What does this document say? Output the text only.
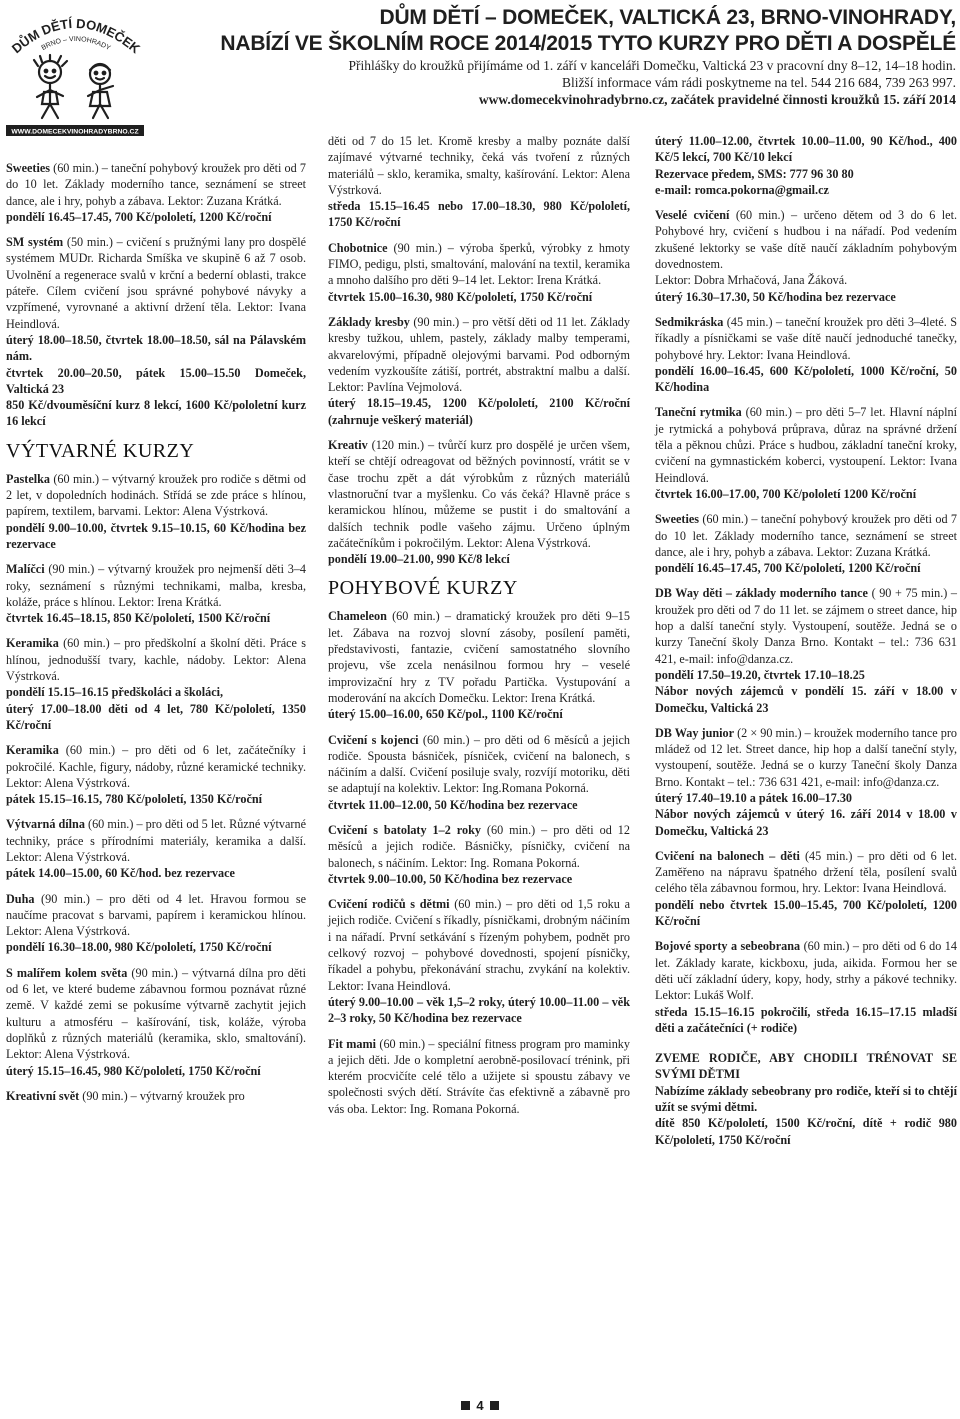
DŮM DĚTÍ DOMEČEK
BRNO – VINOHRADY
WWW.DOMECEKVINOHRADYBRNO.CZ
DŮM DĚTÍ – DOMEČEK, VALTICKÁ 23, BRNO-VINOHRADY,
NABÍZÍ VE ŠKOLNÍM ROCE 2014/2015 TYTO KURZY PRO DĚTI A DOSPĚLÉ
Přihlášky do kroužků přijímáme od 1. září v kanceláři Domečku, Valtická 23 v pracovní dny 8–12, 14–18 hodin.
Bližší informace vám rádi poskytneme na tel. 544 216 684, 739 263 997.
www.domecekvinohradybrno.cz, začátek pravidelné činnosti kroužků 15. září 2014

Sweeties (60 min.) – taneční pohybový kroužek pro děti od 7 do 10 let. Základy moderního tance, seznámení se street dance, ale i hry, pohyb a zábava. Lektor: Zuzana Krátká.
pondělí 16.45–17.45, 700 Kč/pololetí, 1200 Kč/roční

SM systém (50 min.) – cvičení s pružnými lany pro dospělé systémem MUDr. Richarda Smíška ve skupině 6 až 7 osob. Uvolnění a regenerace svalů v krční a bederní oblasti, trakce páteře. Cílem cvičení jsou správné pohybové návyky a vzpřímené, vyrovnané a aktivní držení těla. Lektor: Ivana Heindlová.
úterý 18.00–18.50, čtvrtek 18.00–18.50, sál na Pálavském nám.
čtvrtek 20.00–20.50, pátek 15.00–15.50 Domeček, Valtická 23
850 Kč/dvouměsíční kurz 8 lekcí, 1600 Kč/pololetní kurz 16 lekcí

VÝTVARNÉ KURZY

Pastelka (60 min.) – výtvarný kroužek pro rodiče s dětmi od 2 let, v dopoledních hodinách. Střídá se zde práce s hlínou, papírem, textilem, barvami. Lektor: Alena Výstrková.
pondělí 9.00–10.00, čtvrtek 9.15–10.15, 60 Kč/hodina bez rezervace

Malíčci (90 min.) – výtvarný kroužek pro nejmenší děti 3–4 roky, seznámení s různými technikami, malba, kresba, koláže, práce s hlínou. Lektor: Irena Krátká.
čtvrtek 16.45–18.15, 850 Kč/pololetí, 1500 Kč/roční

Keramika (60 min.) – pro předškolní a školní děti. Práce s hlínou, jednodušší tvary, kachle, nádoby. Lektor: Alena Výstrková.
pondělí 15.15–16.15 předškoláci a školáci,
úterý 17.00–18.00 děti od 4 let, 780 Kč/pololetí, 1350 Kč/roční

Keramika (60 min.) – pro děti od 6 let, začátečníky i pokročilé. Kachle, figury, nádoby, různé keramické techniky. Lektor: Alena Výstrková.
pátek 15.15–16.15, 780 Kč/pololetí, 1350 Kč/roční

Výtvarná dílna (60 min.) – pro děti od 5 let. Různé výtvarné techniky, práce s přírodními materiály, keramika a další. Lektor: Alena Výstrková.
pátek 14.00–15.00, 60 Kč/hod. bez rezervace

Duha (90 min.) – pro děti od 4 let. Hravou formou se naučíme pracovat s barvami, papírem i keramickou hlínou. Lektor: Alena Výstrková.
pondělí 16.30–18.00, 980 Kč/pololetí, 1750 Kč/roční

S malířem kolem světa (90 min.) – výtvarná dílna pro děti od 6 let, ve které budeme zábavnou formou poznávat různé země. V každé zemi se pokusíme výtvarně zachytit jejich kulturu a atmosféru – kašírování, tisk, koláže, výroba doplňků z různých materiálů (keramika, sklo, smaltování). Lektor: Alena Výstrková.
úterý 15.15–16.45, 980 Kč/pololetí, 1750 Kč/roční

Kreativní svět (90 min.) – výtvarný kroužek pro

děti od 7 do 15 let. Kromě kresby a malby poznáte další zajímavé výtvarné techniky, čeká vás tvoření z různých materiálů – sklo, keramika, smalty, kašírování. Lektor: Alena Výstrková.
středa 15.15–16.45 nebo 17.00–18.30, 980 Kč/pololetí, 1750 Kč/roční

Chobotnice (90 min.) – výroba šperků, výrobky z hmoty FIMO, pedigu, plsti, smaltování, malování na textil, keramika a mnoho dalšího pro děti 9–14 let. Lektor: Irena Krátká.
čtvrtek 15.00–16.30, 980 Kč/pololetí, 1750 Kč/roční

Základy kresby (90 min.) – pro větší děti od 11 let. Základy kresby tužkou, uhlem, pastely, základy malby temperami, akvarelovými, případně olejovými barvami. Pod odborným vedením vyzkoušíte zátiší, portrét, abstraktní malbu a další. Lektor: Pavlína Vejmolová.
úterý 18.15–19.45, 1200 Kč/pololetí, 2100 Kč/roční (zahrnuje veškerý materiál)

Kreativ (120 min.) – tvůrčí kurz pro dospělé je určen všem, kteří se chtějí odreagovat od běžných povinností, vrátit se v čase trochu zpět a dát výrobkům z různých materiálů vlastnoruční tvar a myšlenku. Co vás čeká? Hlavně práce s keramickou hlínou, můžeme se pustit i do smaltování a dalších technik podle vašeho zájmu. Určeno úplným začátečníkům i pokročilým. Lektor: Alena Výstrková.
pondělí 19.00–21.00, 990 Kč/8 lekcí

POHYBOVÉ KURZY

Chameleon (60 min.) – dramatický kroužek pro děti 9–15 let. Zábava na rozvoj slovní zásoby, posílení paměti, představivosti, fantazie, cvičení samostatného slovního projevu, vše zcela nenásilnou formou hry – veselé improvizační hry z TV pořadu Partička. Vystupování a moderování na akcích Domečku. Lektor: Irena Krátká.
úterý 15.00–16.00, 650 Kč/pol., 1100 Kč/roční

Cvičení s kojenci (60 min.) – pro děti od 6 měsíců a jejich rodiče. Spousta básniček, písniček, cvičení na balonech, s náčiním a další. Cvičení posiluje svaly, rozvíjí motoriku, děti se adaptují na kolektiv. Lektor: Ing.Romana Pokorná.
čtvrtek 11.00–12.00, 50 Kč/hodina bez rezervace

Cvičení s batolaty 1–2 roky (60 min.) – pro děti od 12 měsíců a jejich rodiče. Básničky, písničky, cvičení na balonech, s náčiním. Lektor: Ing. Romana Pokorná.
čtvrtek 9.00–10.00, 50 Kč/hodina bez rezervace

Cvičení rodičů s dětmi (60 min.) – pro děti od 1,5 roku a jejich rodiče. Cvičení s říkadly, písničkami, drobným náčiním i na nářadí. První setkávání s řízeným pohybem, podnět pro celkový rozvoj – pohybové dovednosti, spojení písničky, říkadel a pohybu, překonávání strachu, zvykání na kolektiv. Lektor: Ivana Heindlová.
úterý 9.00–10.00 – věk 1,5–2 roky, úterý 10.00–11.00 – věk 2–3 roky, 50 Kč/hodina bez rezervace

Fit mami (60 min.) – speciální fitness program pro maminky a jejich děti. Jde o kompletní aerobně-posilovací trénink, při kterém procvičíte celé tělo a užijete si spoustu zábavy ve společnosti svých dětí. Strávíte čas efektivně a zábavně pro vás oba. Lektor: Ing. Romana Pokorná.

úterý 11.00–12.00, čtvrtek 10.00–11.00, 90 Kč/hod., 400 Kč/5 lekcí, 700 Kč/10 lekcí
Rezervace předem, SMS: 777 96 30 80
e-mail: romca.pokorna@gmail.cz

Veselé cvičení (60 min.) – určeno dětem od 3 do 6 let. Pohybové hry, cvičení s hudbou i na nářadí. Pod vedením zkušené lektorky se vaše dítě naučí základním pohybovým dovednostem.
Lektor: Dobra Mrhačová, Jana Žáková.
úterý 16.30–17.30, 50 Kč/hodina bez rezervace

Sedmikráska (45 min.) – taneční kroužek pro děti 3–4leté. S říkadly a písničkami se vaše dítě naučí jednoduché tanečky, pohybové hry. Lektor: Ivana Heindlová.
pondělí 16.00–16.45, 600 Kč/pololetí, 1000 Kč/roční, 50 Kč/hodina

Taneční rytmika (60 min.) – pro děti 5–7 let. Hlavní náplní je rytmická a pohybová průprava, důraz na správné držení těla a pěknou chůzi. Práce s hudbou, základní taneční kroky, cvičení na gymnastickém koberci, vystoupení. Lektor: Ivana Heindlová.
čtvrtek 16.00–17.00, 700 Kč/pololetí 1200 Kč/roční

Sweeties (60 min.) – taneční pohybový kroužek pro děti od 7 do 10 let. Základy moderního tance, seznámení se street dance, ale i hry, pohyb a zábava. Lektor: Zuzana Krátká.
pondělí 16.45–17.45, 700 Kč/pololetí, 1200 Kč/roční

DB Way děti – základy moderního tance ( 90 + 75 min.) – kroužek pro děti od 7 do 11 let. se zájmem o street dance, hip hop a další taneční styly. Vystoupení, soutěže. Jedná se o kurzy Taneční školy Danza Brno. Kontakt – tel.: 736 631 421, e-mail: info@danza.cz.
pondělí 17.50–19.20, čtvrtek 17.10–18.25
Nábor nových zájemců v pondělí 15. září v 18.00 v Domečku, Valtická 23

DB Way junior (2 × 90 min.) – kroužek moderního tance pro mládež od 12 let. Street dance, hip hop a další taneční styly, vystoupení, soutěže. Jedná se o kurzy Taneční školy Danza Brno. Kontakt – tel.: 736 631 421, e-mail: info@danza.cz.
úterý 17.40–19.10 a pátek 16.00–17.30
Nábor nových zájemců v úterý 16. září 2014 v 18.00 v Domečku, Valtická 23

Cvičení na balonech – děti (45 min.) – pro děti od 6 let. Zaměřeno na nápravu špatného držení těla, posílení svalů celého těla zábavnou formou, hry. Lektor: Ivana Heindlová.
pondělí nebo čtvrtek 15.00–15.45, 700 Kč/pololetí, 1200 Kč/roční

Bojové sporty a sebeobrana (60 min.) – pro děti od 6 do 14 let. Základy karate, kickboxu, juda, aikida. Formou her se děti učí základní údery, kopy, hody, strhy a pákové techniky. Lektor: Lukáš Wolf.
středa 15.15–16.15 pokročilí, středa 16.15–17.15 mladší děti a začátečníci (+ rodiče)

ZVEME RODIČE, ABY CHODILI TRÉNOVAT SE SVÝMI DĚTMI
Nabízíme základy sebeobrany pro rodiče, kteří si to chtějí užít se svými dětmi.
dítě 850 Kč/pololetí, 1500 Kč/roční, dítě + rodič 980 Kč/pololetí, 1750 Kč/roční

4
